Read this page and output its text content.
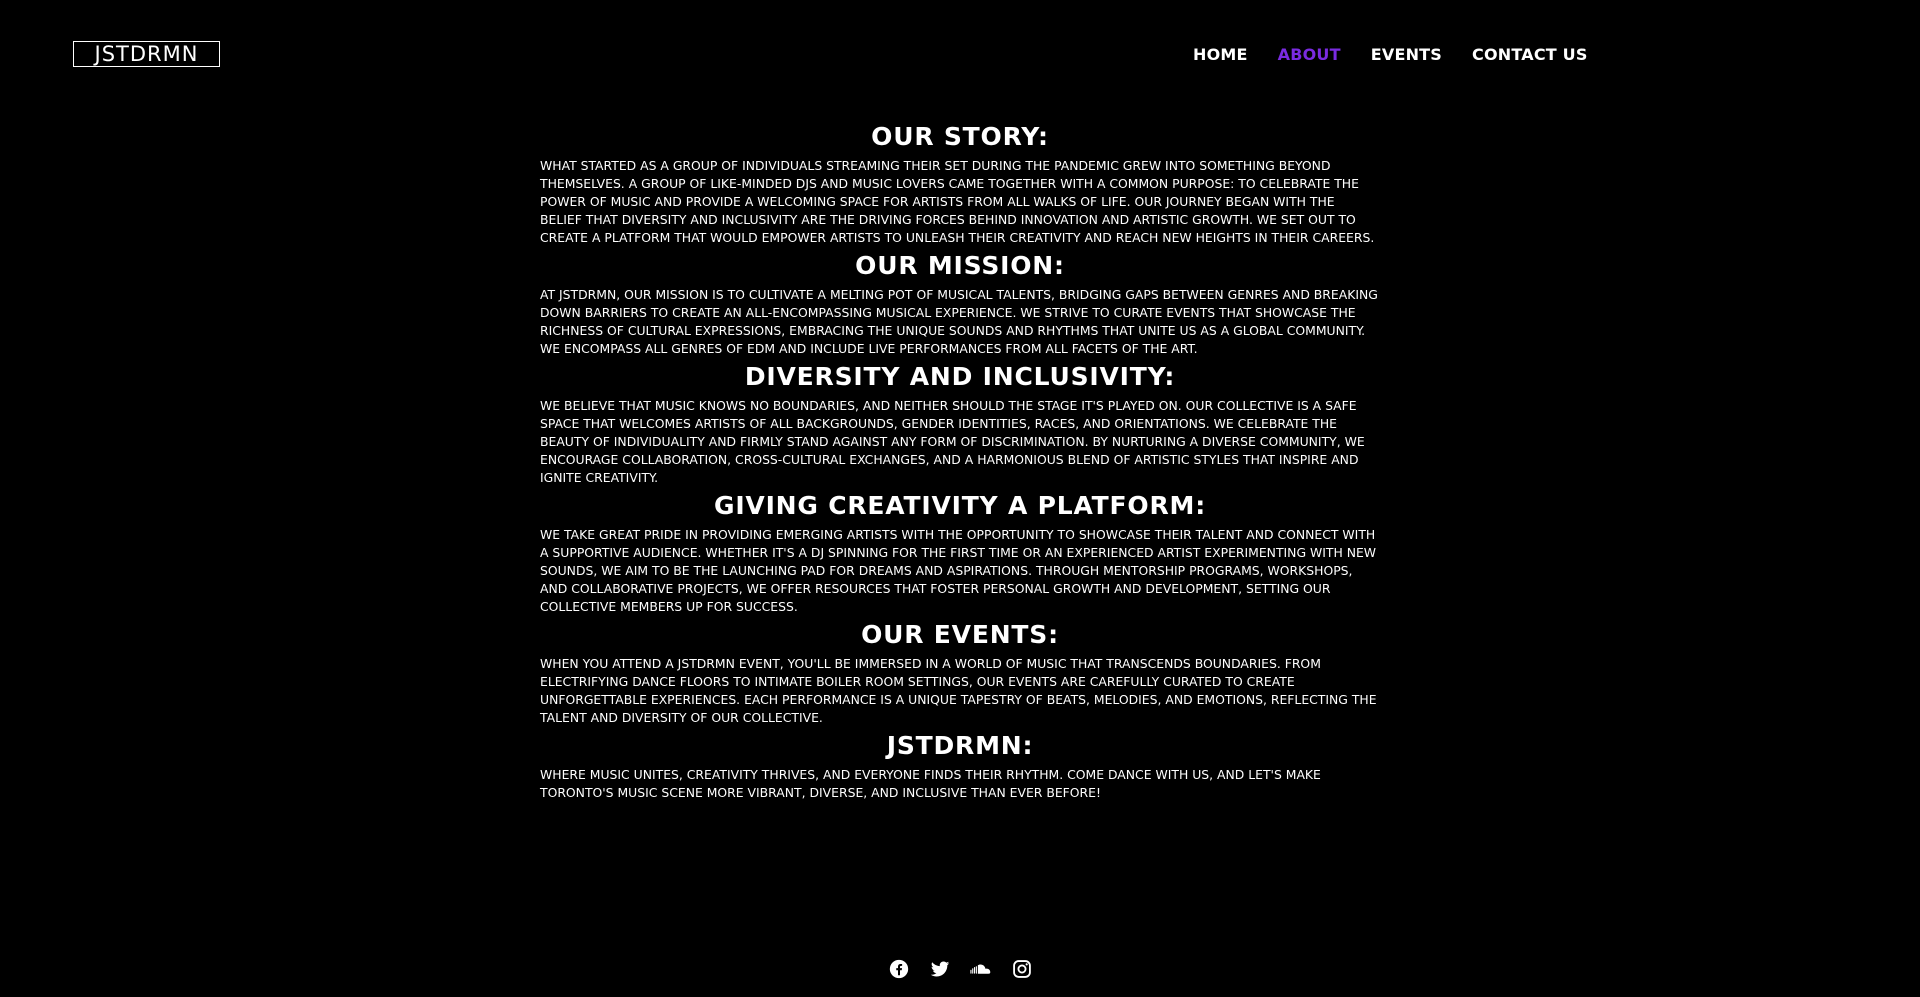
JSTDRMN	HOME ABOUT EVENTS CONTACT US
OUR STORY:

WHAT STARTED AS A GROUP OF INDIVIDUALS STREAMING THEIR SET DURING THE PANDEMIC GREW INTO SOMETHING BEYOND THEMSELVES. A GROUP OF LIKE-MINDED DJS AND MUSIC LOVERS CAME TOGETHER WITH A COMMON PURPOSE: TO CELEBRATE THE POWER OF MUSIC AND PROVIDE A WELCOMING SPACE FOR ARTISTS FROM ALL WALKS OF LIFE. OUR JOURNEY BEGAN WITH THE BELIEF THAT DIVERSITY AND INCLUSIVITY ARE THE DRIVING FORCES BEHIND INNOVATION AND ARTISTIC GROWTH. WE SET OUT TO CREATE A PLATFORM THAT WOULD EMPOWER ARTISTS TO UNLEASH THEIR CREATIVITY AND REACH NEW HEIGHTS IN THEIR CAREERS.

OUR MISSION:

AT JSTDRMN, OUR MISSION IS TO CULTIVATE A MELTING POT OF MUSICAL TALENTS, BRIDGING GAPS BETWEEN GENRES AND BREAKING DOWN BARRIERS TO CREATE AN ALL-ENCOMPASSING MUSICAL EXPERIENCE. WE STRIVE TO CURATE EVENTS THAT SHOWCASE THE RICHNESS OF CULTURAL EXPRESSIONS, EMBRACING THE UNIQUE SOUNDS AND RHYTHMS THAT UNITE US AS A GLOBAL COMMUNITY. WE ENCOMPASS ALL GENRES OF EDM AND INCLUDE LIVE PERFORMANCES FROM ALL FACETS OF THE ART.

DIVERSITY AND INCLUSIVITY:

WE BELIEVE THAT MUSIC KNOWS NO BOUNDARIES, AND NEITHER SHOULD THE STAGE IT'S PLAYED ON. OUR COLLECTIVE IS A SAFE SPACE THAT WELCOMES ARTISTS OF ALL BACKGROUNDS, GENDER IDENTITIES, RACES, AND ORIENTATIONS. WE CELEBRATE THE BEAUTY OF INDIVIDUALITY AND FIRMLY STAND AGAINST ANY FORM OF DISCRIMINATION. BY NURTURING A DIVERSE COMMUNITY, WE ENCOURAGE COLLABORATION, CROSS-CULTURAL EXCHANGES, AND A HARMONIOUS BLEND OF ARTISTIC STYLES THAT INSPIRE AND IGNITE CREATIVITY.

GIVING CREATIVITY A PLATFORM:

WE TAKE GREAT PRIDE IN PROVIDING EMERGING ARTISTS WITH THE OPPORTUNITY TO SHOWCASE THEIR TALENT AND CONNECT WITH A SUPPORTIVE AUDIENCE. WHETHER IT'S A DJ SPINNING FOR THE FIRST TIME OR AN EXPERIENCED ARTIST EXPERIMENTING WITH NEW SOUNDS, WE AIM TO BE THE LAUNCHING PAD FOR DREAMS AND ASPIRATIONS. THROUGH MENTORSHIP PROGRAMS, WORKSHOPS, AND COLLABORATIVE PROJECTS, WE OFFER RESOURCES THAT FOSTER PERSONAL GROWTH AND DEVELOPMENT, SETTING OUR COLLECTIVE MEMBERS UP FOR SUCCESS.

OUR EVENTS:

WHEN YOU ATTEND A JSTDRMN EVENT, YOU'LL BE IMMERSED IN A WORLD OF MUSIC THAT TRANSCENDS BOUNDARIES. FROM ELECTRIFYING DANCE FLOORS TO INTIMATE BOILER ROOM SETTINGS, OUR EVENTS ARE CAREFULLY CURATED TO CREATE UNFORGETTABLE EXPERIENCES. EACH PERFORMANCE IS A UNIQUE TAPESTRY OF BEATS, MELODIES, AND EMOTIONS, REFLECTING THE TALENT AND DIVERSITY OF OUR COLLECTIVE.

JSTDRMN:

WHERE MUSIC UNITES, CREATIVITY THRIVES, AND EVERYONE FINDS THEIR RHYTHM. COME DANCE WITH US, AND LET'S MAKE TORONTO'S MUSIC SCENE MORE VIBRANT, DIVERSE, AND INCLUSIVE THAN EVER BEFORE!
